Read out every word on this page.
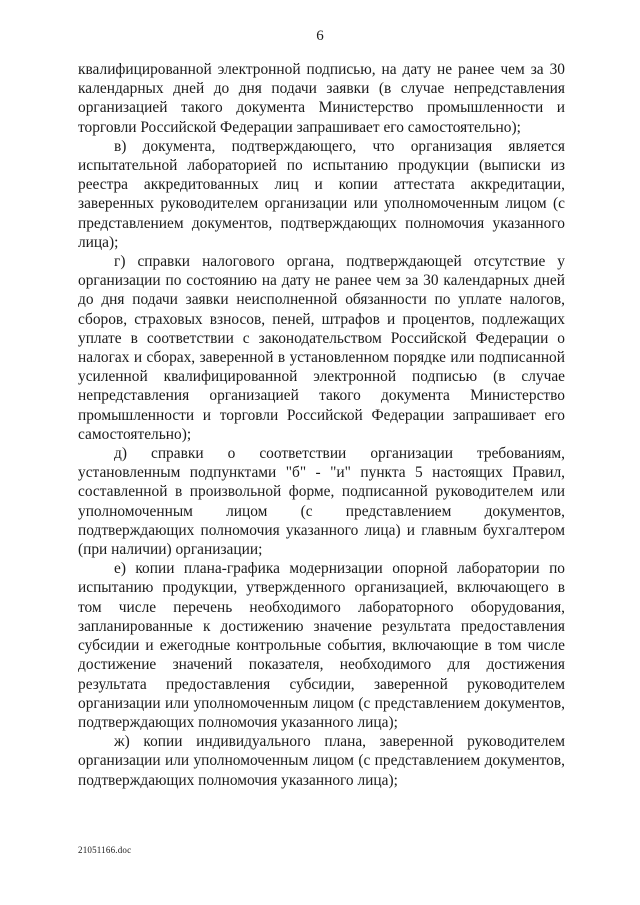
6

квалифицированной электронной подписью, на дату не ранее чем за 30 календарных дней до дня подачи заявки (в случае непредставления организацией такого документа Министерство промышленности и торговли Российской Федерации запрашивает его самостоятельно);

в) документа, подтверждающего, что организация является испытательной лабораторией по испытанию продукции (выписки из реестра аккредитованных лиц и копии аттестата аккредитации, заверенных руководителем организации или уполномоченным лицом (с представлением документов, подтверждающих полномочия указанного лица);

г) справки налогового органа, подтверждающей отсутствие у организации по состоянию на дату не ранее чем за 30 календарных дней до дня подачи заявки неисполненной обязанности по уплате налогов, сборов, страховых взносов, пеней, штрафов и процентов, подлежащих уплате в соответствии с законодательством Российской Федерации о налогах и сборах, заверенной в установленном порядке или подписанной усиленной квалифицированной электронной подписью (в случае непредставления организацией такого документа Министерство промышленности и торговли Российской Федерации запрашивает его самостоятельно);

д) справки о соответствии организации требованиям, установленным подпунктами "б" - "и" пункта 5 настоящих Правил, составленной в произвольной форме, подписанной руководителем или уполномоченным лицом (с представлением документов, подтверждающих полномочия указанного лица) и главным бухгалтером (при наличии) организации;

е) копии плана-графика модернизации опорной лаборатории по испытанию продукции, утвержденного организацией, включающего в том числе перечень необходимого лабораторного оборудования, запланированные к достижению значение результата предоставления субсидии и ежегодные контрольные события, включающие в том числе достижение значений показателя, необходимого для достижения результата предоставления субсидии, заверенной руководителем организации или уполномоченным лицом (с представлением документов, подтверждающих полномочия указанного лица);

ж) копии индивидуального плана, заверенной руководителем организации или уполномоченным лицом (с представлением документов, подтверждающих полномочия указанного лица);

21051166.doc
